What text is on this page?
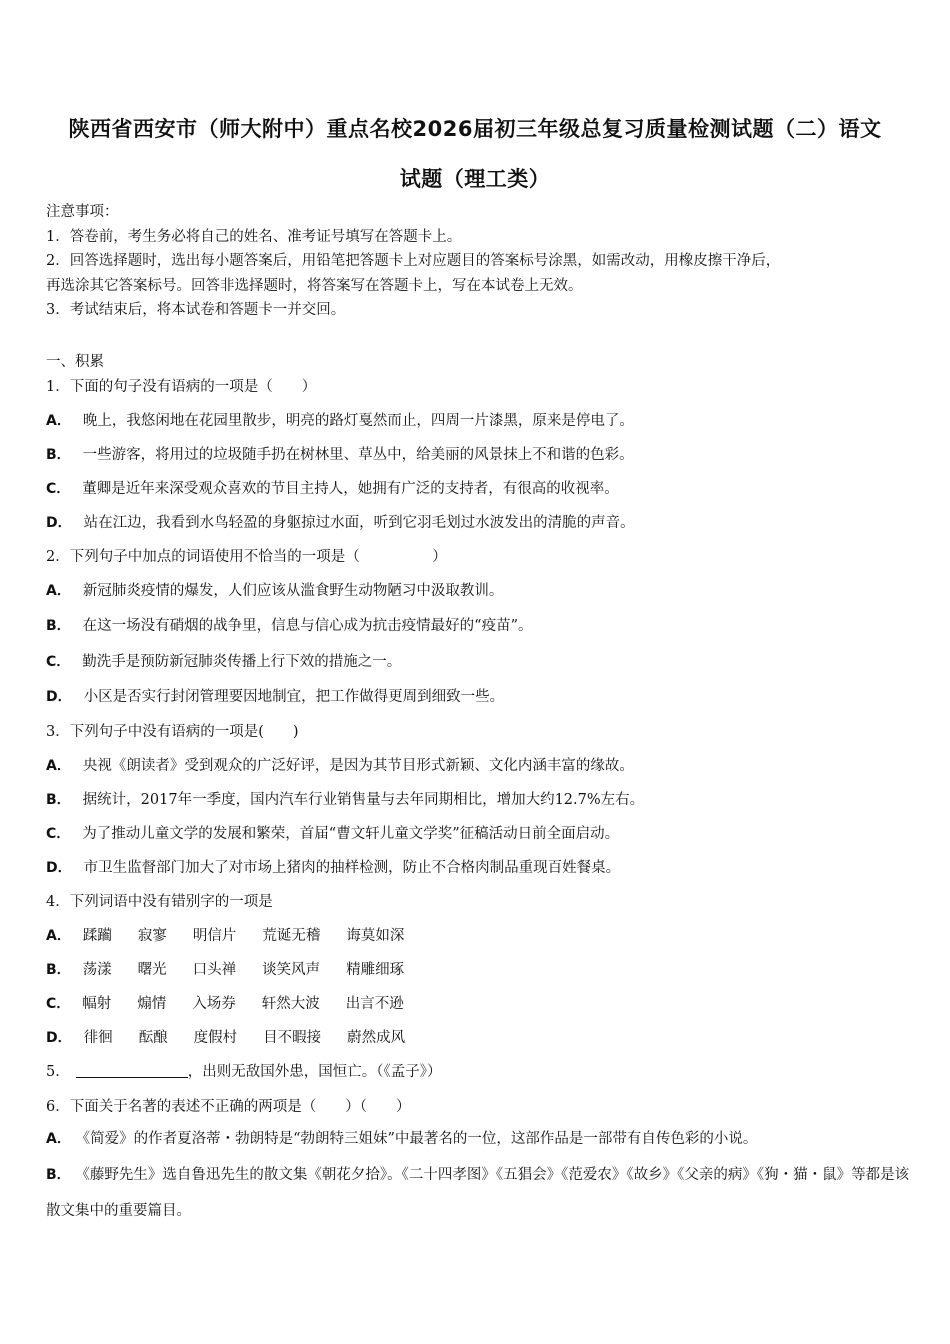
陕西省西安市（师大附中）重点名校2026届初三年级总复习质量检测试题（二）语文
试题（理工类）
注意事项：
1．答卷前，考生务必将自己的姓名、准考证号填写在答题卡上。
2．回答选择题时，选出每小题答案后，用铅笔把答题卡上对应题目的答案标号涂黑，如需改动，用橡皮擦干净后，
再选涂其它答案标号。回答非选择题时，将答案写在答题卡上，写在本试卷上无效。
3．考试结束后，将本试卷和答题卡一并交回。
一、积累
1．下面的句子没有语病的一项是（　　）
A． 晚上，我悠闲地在花园里散步，明亮的路灯戛然而止，四周一片漆黑，原来是停电了。
B． 一些游客，将用过的垃圾随手扔在树林里、草丛中，给美丽的风景抹上不和谐的色彩。
C． 董卿是近年来深受观众喜欢的节目主持人，她拥有广泛的支持者，有很高的收视率。
D． 站在江边，我看到水鸟轻盈的身躯掠过水面，听到它羽毛划过水波发出的清脆的声音。
2．下列句子中加点的词语使用不恰当的一项是（　　　　　）
A． 新冠肺炎疫情的爆发，人们应该从滥食野生动物陋习中汲取教训。
B． 在这一场没有硝烟的战争里，信息与信心成为抗击疫情最好的“疫苗”。
C． 勤洗手是预防新冠肺炎传播上行下效的措施之一。
D． 小区是否实行封闭管理要因地制宜，把工作做得更周到细致一些。
3．下列句子中没有语病的一项是(　　)
A． 央视《朗读者》受到观众的广泛好评，是因为其节目形式新颖、文化内涵丰富的缘故。
B． 据统计，2017年一季度，国内汽车行业销售量与去年同期相比，增加大约12.7%左右。
C． 为了推动儿童文学的发展和繁荣，首届“曹文轩儿童文学奖”征稿活动日前全面启动。
D． 市卫生监督部门加大了对市场上猪肉的抽样检测，防止不合格肉制品重现百姓餐桌。
4．下列词语中没有错别字的一项是
A． 蹂躏 寂寥 明信片 荒诞无稽 诲莫如深
B． 荡漾 曙光 口头禅 谈笑风声 精雕细琢
C． 幅射 煽情 入场券 轩然大波 出言不逊
D． 徘徊 酝酿 度假村 目不暇接 蔚然成风
5．	，出则无敌国外患，国恒亡。（《孟子》）
6．下面关于名著的表述不正确的两项是（　　）（　　）
A． 《简爱》的作者夏洛蒂・勃朗特是“勃朗特三姐妹”中最著名的一位，这部作品是一部带有自传色彩的小说。
B． 《藤野先生》选自鲁迅先生的散文集《朝花夕拾》。《二十四孝图》《五猖会》《范爱农》《故乡》《父亲的病》《狗・猫・鼠》等都是该散文集中的重要篇目。
